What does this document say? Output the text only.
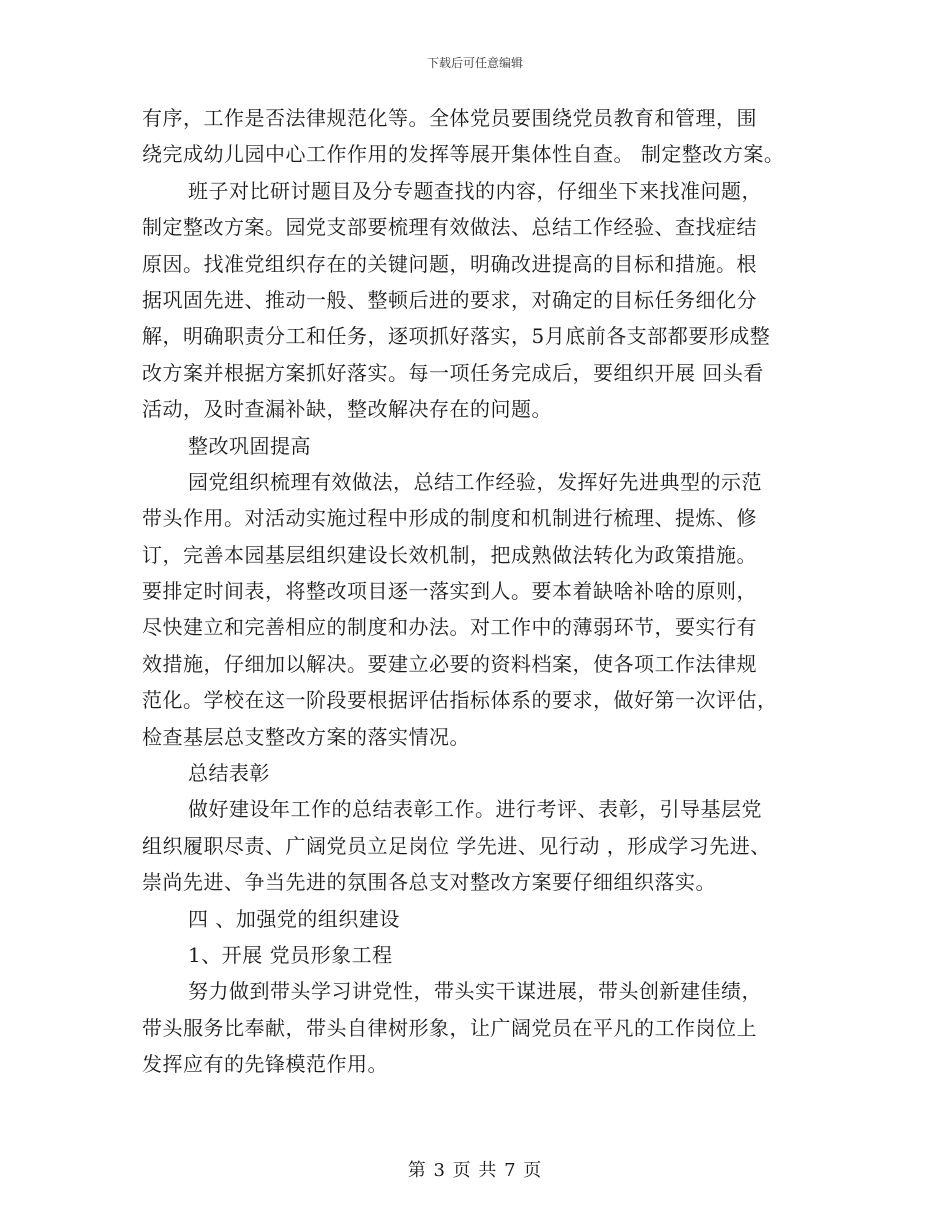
下载后可任意编辑
有序，工作是否法律规范化等。全体党员要围绕党员教育和管理，围
绕完成幼儿园中心工作作用的发挥等展开集体性自查。 制定整改方案。
班子对比研讨题目及分专题查找的内容，仔细坐下来找准问题，
制定整改方案。园党支部要梳理有效做法、总结工作经验、查找症结
原因。找准党组织存在的关键问题，明确改进提高的目标和措施。根
据巩固先进、推动一般、整顿后进的要求，对确定的目标任务细化分
解，明确职责分工和任务，逐项抓好落实，5月底前各支部都要形成整
改方案并根据方案抓好落实。每一项任务完成后，要组织开展 回头看
活动，及时查漏补缺，整改解决存在的问题。
整改巩固提高
园党组织梳理有效做法，总结工作经验，发挥好先进典型的示范
带头作用。对活动实施过程中形成的制度和机制进行梳理、提炼、修
订，完善本园基层组织建设长效机制，把成熟做法转化为政策措施。
要排定时间表，将整改项目逐一落实到人。要本着缺啥补啥的原则，
尽快建立和完善相应的制度和办法。对工作中的薄弱环节，要实行有
效措施，仔细加以解决。要建立必要的资料档案，使各项工作法律规
范化。学校在这一阶段要根据评估指标体系的要求，做好第一次评估，
检查基层总支整改方案的落实情况。
总结表彰
做好建设年工作的总结表彰工作。进行考评、表彰，引导基层党
组织履职尽责、广阔党员立足岗位 学先进、见行动 ，形成学习先进、
崇尚先进、争当先进的氛围各总支对整改方案要仔细组织落实。
四 、加强党的组织建设
1、开展 党员形象工程
努力做到带头学习讲党性，带头实干谋进展，带头创新建佳绩，
带头服务比奉献，带头自律树形象，让广阔党员在平凡的工作岗位上
发挥应有的先锋模范作用。
第 3 页 共 7 页
